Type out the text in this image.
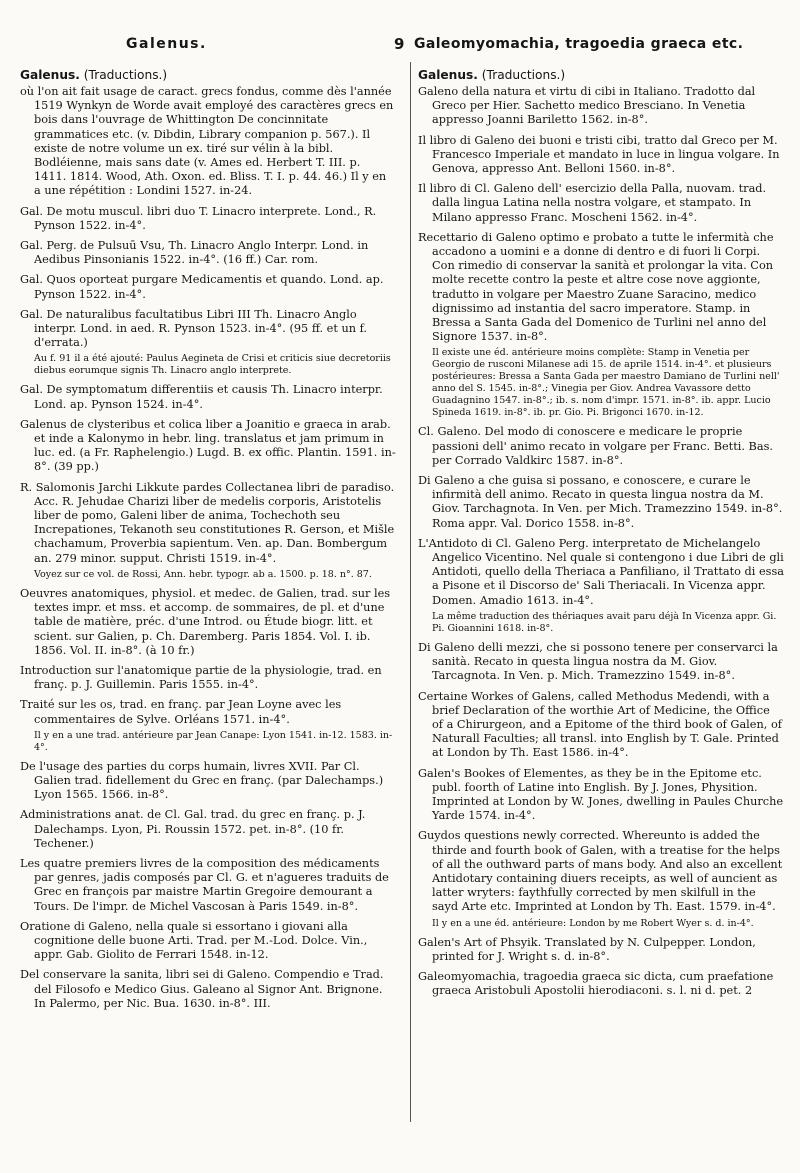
Galenus.	9 Galeomyomachia, tragoedia graeca etc.
Galenus. (Traductions.)
où l'on ait fait usage de caract. grecs fondus, comme dès l'année 1519 Wynkyn de Worde avait employé des caractères grecs en bois dans l'ouvrage de Whittington De concinnitate grammatices etc. (v. Dibdin, Library companion p. 567.). Il existe de notre volume un ex. tiré sur vélin à la bibl. Bodléienne, mais sans date (v. Ames ed. Herbert T. III. p. 1411. 1814. Wood, Ath. Oxon. ed. Bliss. T. I. p. 44. 46.) Il y en a une répétition : Londini 1527. in-24.
Gal. De motu muscul. libri duo T. Linacro interprete. Lond., R. Pynson 1522. in-4°.
Gal. Perg. de Pulsuū Vsu, Th. Linacro Anglo Interpr. Lond. in Aedibus Pinsonianis 1522. in-4°. (16 ff.) Car. rom.
Gal. Quos oporteat purgare Medicamentis et quando. Lond. ap. Pynson 1522. in-4°.
Gal. De naturalibus facultatibus Libri III Th. Linacro Anglo interpr. Lond. in aed. R. Pynson 1523. in-4°. (95 ff. et un f. d'errata.)
Au f. 91 il a été ajouté: Paulus Aegineta de Crisi et criticis siue decretoriis diebus eorumque signis Th. Linacro anglo interprete.
Gal. De symptomatum differentiis et causis Th. Linacro interpr. Lond. ap. Pynson 1524. in-4°.
Galenus de clysteribus et colica liber a Joanitio e graeca in arab. et inde a Kalonymo in hebr. ling. translatus et jam primum in luc. ed. (a Fr. Raphelengio.) Lugd. B. ex offic. Plantin. 1591. in-8°. (39 pp.)
R. Salomonis Jarchi Likkute pardes Collectanea libri de paradiso. Acc. R. Jehudae Charizi liber de medelis corporis, Aristotelis liber de pomo, Galeni liber de anima, Tochechoth seu Increpationes, Tekanoth seu constitutiones R. Gerson, et Mišle chachamum, Proverbia sapientum. Ven. ap. Dan. Bombergum an. 279 minor. supput. Christi 1519. in-4°.
Voyez sur ce vol. de Rossi, Ann. hebr. typogr. ab a. 1500. p. 18. n°. 87.
Oeuvres anatomiques, physiol. et medec. de Galien, trad. sur les textes impr. et mss. et accomp. de sommaires, de pl. et d'une table de matière, préc. d'une Introd. ou Étude biogr. litt. et scient. sur Galien, p. Ch. Daremberg. Paris 1854. Vol. I. ib. 1856. Vol. II. in-8°. (à 10 fr.)
Introduction sur l'anatomique partie de la physiologie, trad. en franç. p. J. Guillemin. Paris 1555. in-4°.
Traité sur les os, trad. en franç. par Jean Loyne avec les commentaires de Sylve. Orléans 1571. in-4°.
Il y en a une trad. antérieure par Jean Canape: Lyon 1541. in-12. 1583. in-4°.
De l'usage des parties du corps humain, livres XVII. Par Cl. Galien trad. fidellement du Grec en franç. (par Dalechamps.) Lyon 1565. 1566. in-8°.
Administrations anat. de Cl. Gal. trad. du grec en franç. p. J. Dalechamps. Lyon, Pi. Roussin 1572. pet. in-8°. (10 fr. Techener.)
Les quatre premiers livres de la composition des médicaments par genres, jadis composés par Cl. G. et n'agueres traduits de Grec en françois par maistre Martin Gregoire demourant a Tours. De l'impr. de Michel Vascosan à Paris 1549. in-8°.
Oratione di Galeno, nella quale si essortano i giovani alla cognitione delle buone Arti. Trad. per M.-Lod. Dolce. Vin., appr. Gab. Giolito de Ferrari 1548. in-12.
Del conservare la sanita, libri sei di Galeno. Compendio e Trad. del Filosofo e Medico Gius. Galeano al Signor Ant. Brignone. In Palermo, per Nic. Bua. 1630. in-8°. III.
Galenus. (Traductions.)
Galeno della natura et virtu di cibi in Italiano. Tradotto dal Greco per Hier. Sachetto medico Bresciano. In Venetia appresso Joanni Bariletto 1562. in-8°.
Il libro di Galeno dei buoni e tristi cibi, tratto dal Greco per M. Francesco Imperiale et mandato in luce in lingua volgare. In Genova, appresso Ant. Belloni 1560. in-8°.
Il libro di Cl. Galeno dell' esercizio della Palla, nuovam. trad. dalla lingua Latina nella nostra volgare, et stampato. In Milano appresso Franc. Moscheni 1562. in-4°.
Recettario di Galeno optimo e probato a tutte le infermità che accadono a uomini e a donne di dentro e di fuori li Corpi. Con rimedio di conservar la sanità et prolongar la vita. Con molte recette contro la peste et altre cose nove aggionte, tradutto in volgare per Maestro Zuane Saracino, medico dignissimo ad instantia del sacro imperatore. Stamp. in Bressa a Santa Gada del Domenico de Turlini nel anno del Signore 1537. in-8°.
Il existe une éd. antérieure moins complète: Stamp in Venetia per Georgio de rusconi Milanese adi 15. de aprile 1514. in-4°. et plusieurs postérieures: Bressa a Santa Gada per maestro Damiano de Turlini nell' anno del S. 1545. in-8°.; Vinegia per Giov. Andrea Vavassore detto Guadagnino 1547. in-8°.; ib. s. nom d'impr. 1571. in-8°. ib. appr. Lucio Spineda 1619. in-8°. ib. pr. Gio. Pi. Brigonci 1670. in-12.
Cl. Galeno. Del modo di conoscere e medicare le proprie passioni dell' animo recato in volgare per Franc. Betti. Bas. per Corrado Valdkirc 1587. in-8°.
Di Galeno a che guisa si possano, e conoscere, e curare le infirmità dell animo. Recato in questa lingua nostra da M. Giov. Tarchagnota. In Ven. per Mich. Tramezzino 1549. in-8°. Roma appr. Val. Dorico 1558. in-8°.
L'Antidoto di Cl. Galeno Perg. interpretato de Michelangelo Angelico Vicentino. Nel quale si contengono i due Libri de gli Antidoti, quello della Theriaca a Panfiliano, il Trattato di essa a Pisone et il Discorso de' Sali Theriacali. In Vicenza appr. Domen. Amadio 1613. in-4°.
La même traduction des thériaques avait paru déjà In Vicenza appr. Gi. Pi. Gioannini 1618. in-8°.
Di Galeno delli mezzi, che si possono tenere per conservarci la sanità. Recato in questa lingua nostra da M. Giov. Tarcagnota. In Ven. p. Mich. Tramezzino 1549. in-8°.
Certaine Workes of Galens, called Methodus Medendi, with a brief Declaration of the worthie Art of Medicine, the Office of a Chirurgeon, and a Epitome of the third book of Galen, of Naturall Faculties; all transl. into English by T. Gale. Printed at London by Th. East 1586. in-4°.
Galen's Bookes of Elementes, as they be in the Epitome etc. publ. foorth of Latine into English. By J. Jones, Physition. Imprinted at London by W. Jones, dwelling in Paules Churche Yarde 1574. in-4°.
Guydos questions newly corrected. Whereunto is added the thirde and fourth book of Galen, with a treatise for the helps of all the outhward parts of mans body. And also an excellent Antidotary containing diuers receipts, as well of auncient as latter wryters: faythfully corrected by men skilfull in the sayd Arte etc. Imprinted at London by Th. East. 1579. in-4°.
Il y en a une éd. antérieure: London by me Robert Wyer s. d. in-4°.
Galen's Art of Phsyik. Translated by N. Culpepper. London, printed for J. Wright s. d. in-8°.
Galeomyomachia, tragoedia graeca sic dicta, cum praefatione graeca Aristobuli Apostolii hierodiaconi. s. l. ni d. pet. 2
